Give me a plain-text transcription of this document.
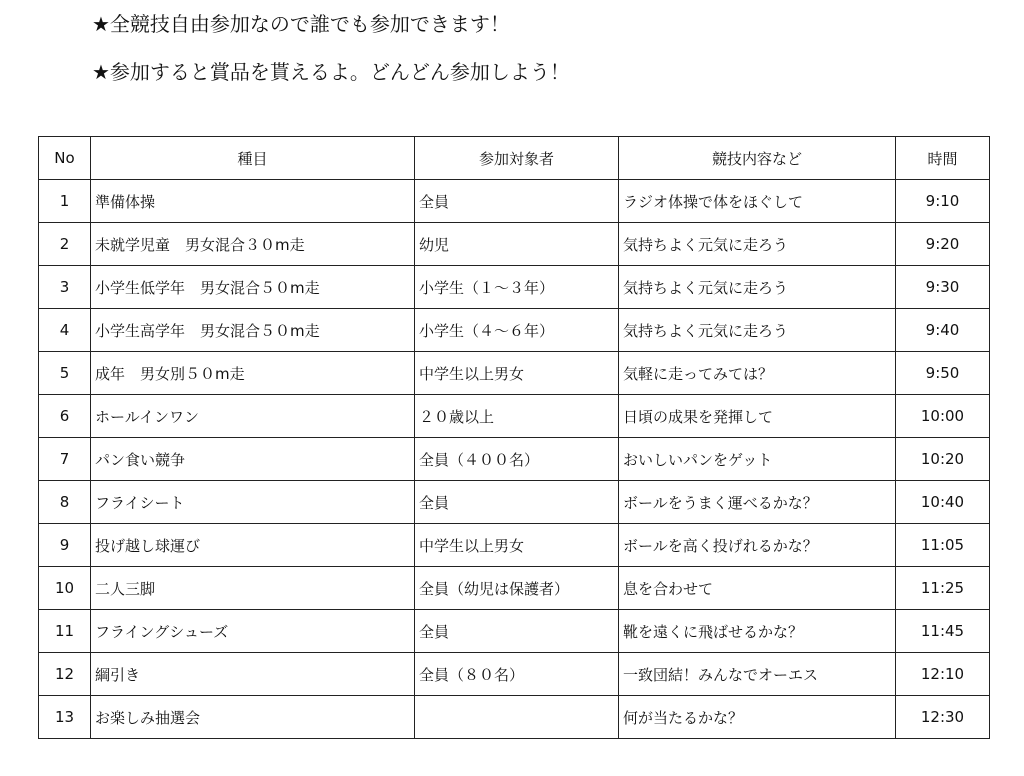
★全競技自由参加なので誰でも参加できます！
★参加すると賞品を貰えるよ。どんどん参加しよう！
No	種目	参加対象者	競技内容など	時間
1	準備体操	全員	ラジオ体操で体をほぐして	9:10
2	未就学児童　男女混合３０m走	幼児	気持ちよく元気に走ろう	9:20
3	小学生低学年　男女混合５０m走	小学生（１～３年）	気持ちよく元気に走ろう	9:30
4	小学生高学年　男女混合５０m走	小学生（４～６年）	気持ちよく元気に走ろう	9:40
5	成年　男女別５０m走	中学生以上男女	気軽に走ってみては？	9:50
6	ホールインワン	２０歳以上	日頃の成果を発揮して	10:00
7	パン食い競争	全員（４００名）	おいしいパンをゲット	10:20
8	フライシート	全員	ボールをうまく運べるかな？	10:40
9	投げ越し球運び	中学生以上男女	ボールを高く投げれるかな？	11:05
10	二人三脚	全員（幼児は保護者）	息を合わせて	11:25
11	フライングシューズ	全員	靴を遠くに飛ばせるかな？	11:45
12	綱引き	全員（８０名）	一致団結！みんなでオーエス	12:10
13	お楽しみ抽選会		何が当たるかな？	12:30
